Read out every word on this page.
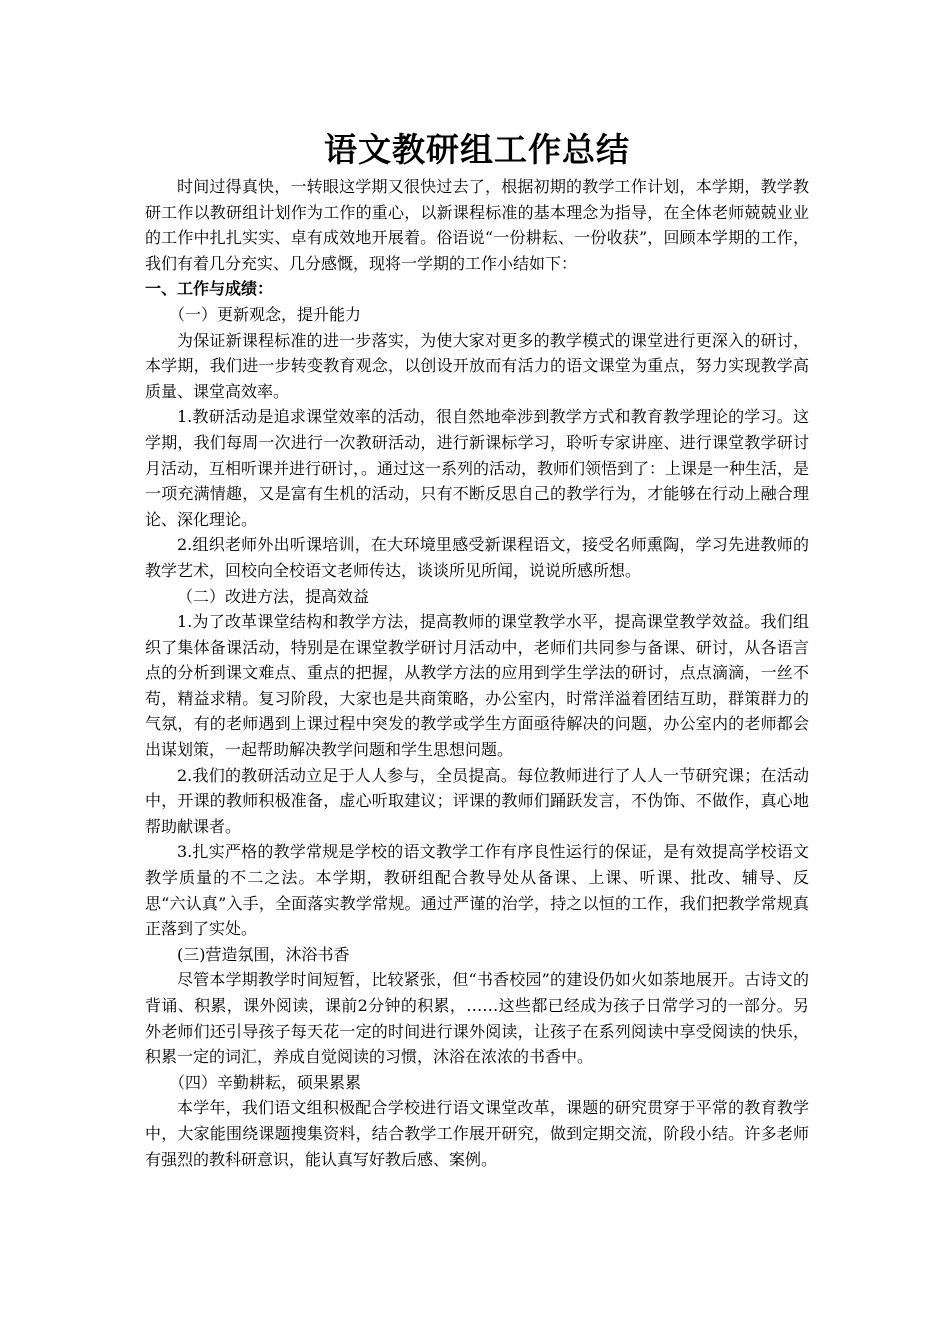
语文教研组工作总结

时间过得真快，一转眼这学期又很快过去了，根据初期的教学工作计划，本学期，教学教研工作以教研组计划作为工作的重心，以新课程标准的基本理念为指导，在全体老师兢兢业业的工作中扎扎实实、卓有成效地开展着。俗语说“一份耕耘、一份收获”，回顾本学期的工作，我们有着几分充实、几分感慨，现将一学期的工作小结如下：

一、工作与成绩：

（一）更新观念，提升能力

为保证新课程标准的进一步落实，为使大家对更多的教学模式的课堂进行更深入的研讨，本学期，我们进一步转变教育观念，以创设开放而有活力的语文课堂为重点，努力实现教学高质量、课堂高效率。

1.教研活动是追求课堂效率的活动，很自然地牵涉到教学方式和教育教学理论的学习。这学期，我们每周一次进行一次教研活动，进行新课标学习，聆听专家讲座、进行课堂教学研讨月活动，互相听课并进行研讨，。通过这一系列的活动，教师们领悟到了：上课是一种生活，是一项充满情趣，又是富有生机的活动，只有不断反思自己的教学行为，才能够在行动上融合理论、深化理论。

2.组织老师外出听课培训，在大环境里感受新课程语文，接受名师熏陶，学习先进教师的教学艺术，回校向全校语文老师传达，谈谈所见所闻，说说所感所想。

（二）改进方法，提高效益

1.为了改革课堂结构和教学方法，提高教师的课堂教学水平，提高课堂教学效益。我们组织了集体备课活动，特别是在课堂教学研讨月活动中，老师们共同参与备课、研讨，从各语言点的分析到课文难点、重点的把握，从教学方法的应用到学生学法的研讨，点点滴滴，一丝不苟，精益求精。复习阶段，大家也是共商策略，办公室内，时常洋溢着团结互助，群策群力的气氛，有的老师遇到上课过程中突发的教学或学生方面亟待解决的问题，办公室内的老师都会出谋划策，一起帮助解决教学问题和学生思想问题。

2.我们的教研活动立足于人人参与，全员提高。每位教师进行了人人一节研究课；在活动中，开课的教师积极准备，虚心听取建议；评课的教师们踊跃发言，不伪饰、不做作，真心地帮助献课者。

3.扎实严格的教学常规是学校的语文教学工作有序良性运行的保证，是有效提高学校语文教学质量的不二之法。本学期，教研组配合教导处从备课、上课、听课、批改、辅导、反思“六认真”入手，全面落实教学常规。通过严谨的治学，持之以恒的工作，我们把教学常规真正落到了实处。

(三)营造氛围，沐浴书香

尽管本学期教学时间短暂，比较紧张，但“书香校园”的建设仍如火如荼地展开。古诗文的背诵、积累，课外阅读，课前2分钟的积累，……这些都已经成为孩子日常学习的一部分。另外老师们还引导孩子每天花一定的时间进行课外阅读，让孩子在系列阅读中享受阅读的快乐，积累一定的词汇，养成自觉阅读的习惯，沐浴在浓浓的书香中。

（四）辛勤耕耘，硕果累累

本学年，我们语文组积极配合学校进行语文课堂改革，课题的研究贯穿于平常的教育教学中，大家能围绕课题搜集资料，结合教学工作展开研究，做到定期交流，阶段小结。许多老师有强烈的教科研意识，能认真写好教后感、案例。
